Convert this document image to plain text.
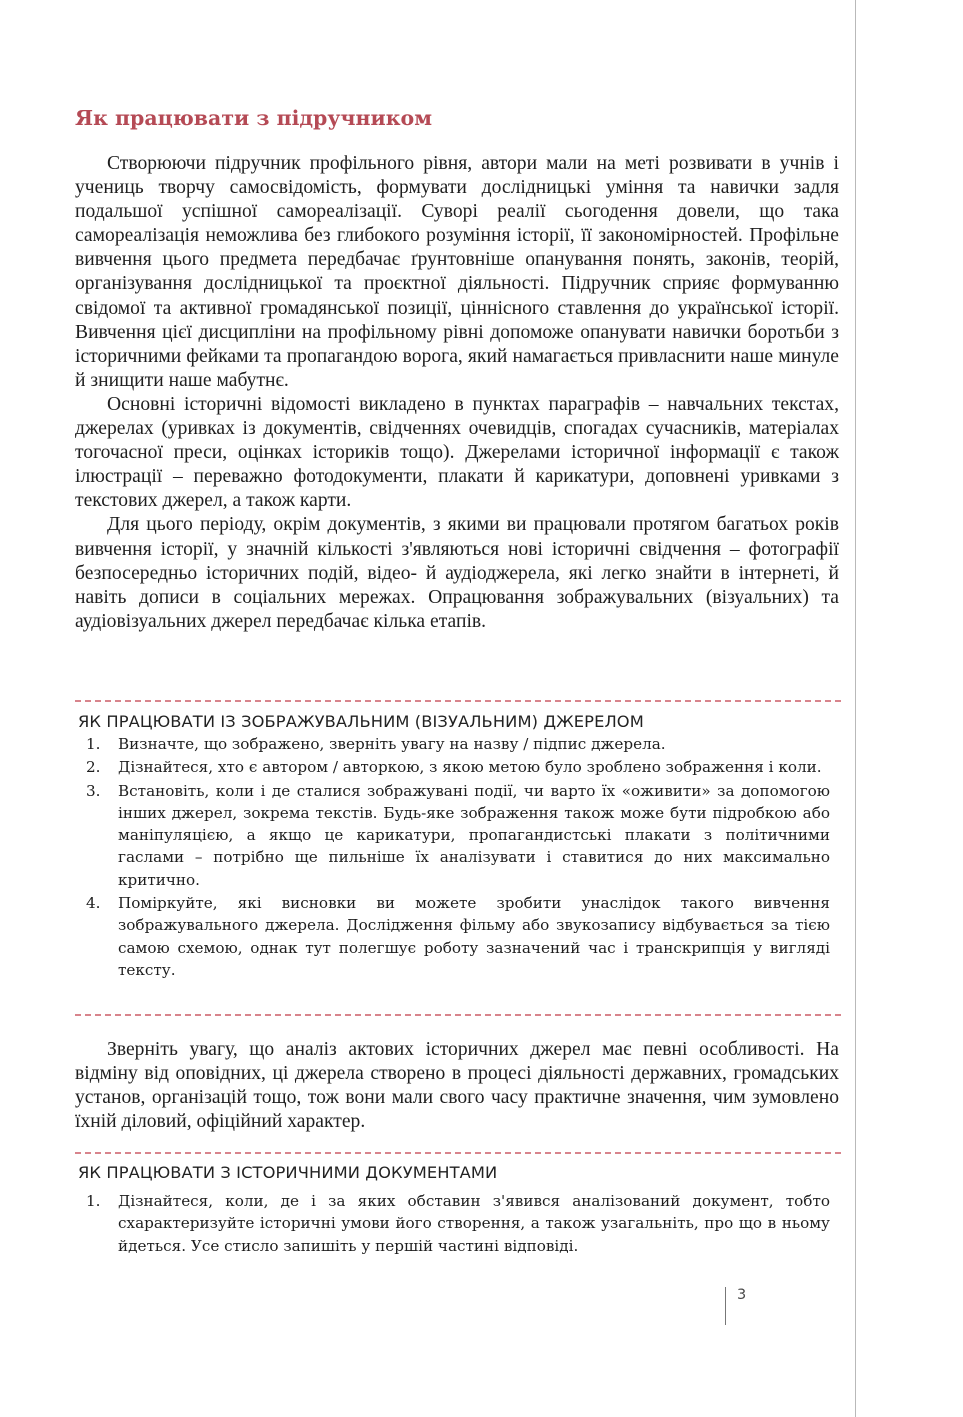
Як працювати з підручником

Створюючи підручник профільного рівня, автори мали на меті розвивати в учнів і учениць творчу самосвідомість, формувати дослідницькі уміння та навички задля подальшої успішної самореалізації. Суворі реалії сьогодення довели, що така самореалізація неможлива без глибокого розуміння історії, її закономірностей. Профільне вивчення цього предмета передбачає ґрунтовніше опанування понять, законів, теорій, організування дослідницької та проєктної діяльності. Підручник сприяє формуванню свідомої та активної громадянської позиції, ціннісного ставлення до української історії. Вивчення цієї дисципліни на профільному рівні допоможе опанувати навички боротьби з історичними фейками та пропагандою ворога, який намагається привласнити наше минуле й знищити наше мабутнє.

Основні історичні відомості викладено в пунктах параграфів – навчальних текстах, джерелах (уривках із документів, свідченнях очевидців, спогадах сучасників, матеріалах тогочасної преси, оцінках істориків тощо). Джерелами історичної інформації є також ілюстрації – переважно фотодокументи, плакати й карикатури, доповнені уривками з текстових джерел, а також карти.

Для цього періоду, окрім документів, з якими ви працювали протягом багатьох років вивчення історії, у значній кількості з'являються нові історичні свідчення – фотографії безпосередньо історичних подій, відео- й аудіоджерела, які легко знайти в інтернеті, й навіть дописи в соціальних мережах. Опрацювання зображувальних (візуальних) та аудіовізуальних джерел передбачає кілька етапів.

ЯК ПРАЦЮВАТИ ІЗ ЗОБРАЖУВАЛЬНИМ (ВІЗУАЛЬНИМ) ДЖЕРЕЛОМ
1. Визначте, що зображено, зверніть увагу на назву / підпис джерела.
2. Дізнайтеся, хто є автором / авторкою, з якою метою було зроблено зображення і коли.
3. Встановіть, коли і де сталися зображувані події, чи варто їх «оживити» за допомогою інших джерел, зокрема текстів. Будь-яке зображення також може бути підробкою або маніпуляцією, а якщо це карикатури, пропагандистські плакати з політичними гаслами – потрібно ще пильніше їх аналізувати і ставитися до них максимально критично.
4. Поміркуйте, які висновки ви можете зробити унаслідок такого вивчення зображувального джерела. Дослідження фільму або звукозапису відбувається за тією самою схемою, однак тут полегшує роботу зазначений час і транскрипція у вигляді тексту.

Зверніть увагу, що аналіз актових історичних джерел має певні особливості. На відміну від оповідних, ці джерела створено в процесі діяльності державних, громадських установ, організацій тощо, тож вони мали свого часу практичне значення, чим зумовлено їхній діловий, офіційний характер.

ЯК ПРАЦЮВАТИ З ІСТОРИЧНИМИ ДОКУМЕНТАМИ
1. Дізнайтеся, коли, де і за яких обставин з'явився аналізований документ, тобто схарактеризуйте історичні умови його створення, а також узагальніть, про що в ньому йдеться. Усе стисло запишіть у першій частині відповіді.
3
